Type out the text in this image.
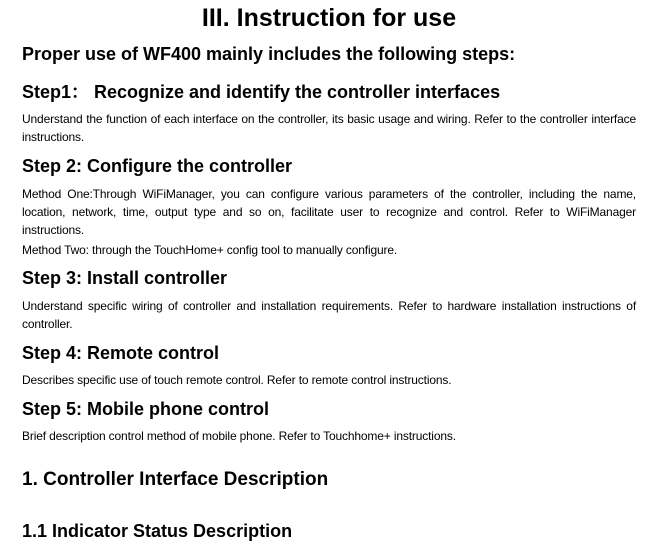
III. Instruction for use

Proper use of WF400 mainly includes the following steps:

Step1： Recognize and identify the controller interfaces

Understand the function of each interface on the controller, its basic usage and wiring. Refer to the controller interface instructions.

Step 2: Configure the controller

Method One:Through WiFiManager, you can configure various parameters of the controller, including the name, location, network, time, output type and so on, facilitate user to recognize and control. Refer to WiFiManager instructions.

Method Two: through the TouchHome+ config tool to manually configure.

Step 3: Install controller

Understand specific wiring of controller and installation requirements. Refer to hardware installation instructions of controller.

Step 4: Remote control

Describes specific use of touch remote control. Refer to remote control instructions.

Step 5: Mobile phone control

Brief description control method of mobile phone. Refer to Touchhome+ instructions.

1. Controller Interface Description
1.1 Indicator Status Description
